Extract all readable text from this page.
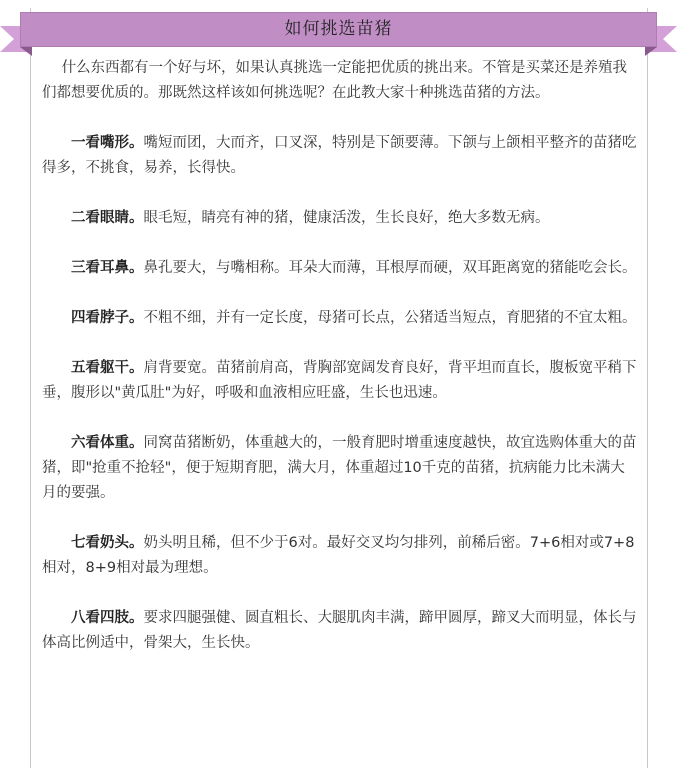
如何挑选苗猪

什么东西都有一个好与坏，如果认真挑选一定能把优质的挑出来。不管是买菜还是养殖我们都想要优质的。那既然这样该如何挑选呢？在此教大家十种挑选苗猪的方法。

一看嘴形。嘴短而团，大而齐，口叉深，特别是下颌要薄。下颌与上颌相平整齐的苗猪吃得多，不挑食，易养，长得快。

二看眼睛。眼毛短，睛亮有神的猪，健康活泼，生长良好，绝大多数无病。

三看耳鼻。鼻孔要大，与嘴相称。耳朵大而薄，耳根厚而硬，双耳距离宽的猪能吃会长。

四看脖子。不粗不细，并有一定长度，母猪可长点，公猪适当短点，育肥猪的不宜太粗。

五看躯干。肩背要宽。苗猪前肩高，背胸部宽阔发育良好，背平坦而直长，腹板宽平稍下垂，腹形以"黄瓜肚"为好，呼吸和血液相应旺盛，生长也迅速。

六看体重。同窝苗猪断奶，体重越大的，一般育肥时增重速度越快，故宜选购体重大的苗猪，即"抢重不抢轻"，便于短期育肥，满大月，体重超过10千克的苗猪，抗病能力比未满大月的要强。

七看奶头。奶头明且稀，但不少于6对。最好交叉均匀排列，前稀后密。7+6相对或7+8相对，8+9相对最为理想。

八看四肢。要求四腿强健、圆直粗长、大腿肌肉丰满，蹄甲圆厚，蹄叉大而明显，体长与体高比例适中，骨架大，生长快。
